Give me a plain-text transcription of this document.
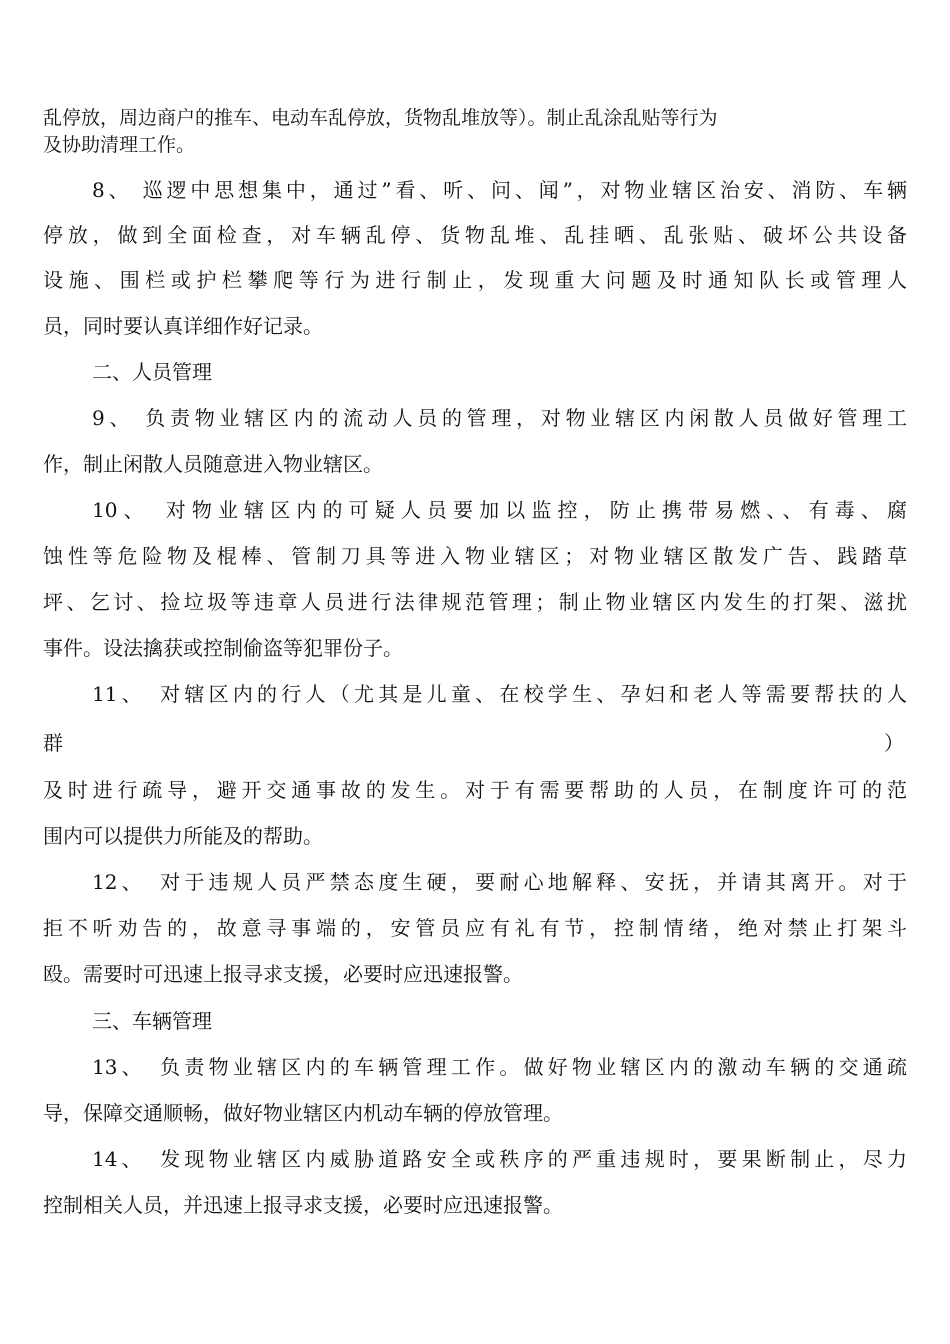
乱停放，周边商户的推车、电动车乱停放，货物乱堆放等）。制止乱涂乱贴等行为
及协助清理工作。
8、 巡逻中思想集中，通过”看、听、问、闻”，对物业辖区治安、消防、车辆
停放，做到全面检查，对车辆乱停、货物乱堆、乱挂晒、乱张贴、破坏公共设备
设施、围栏或护栏攀爬等行为进行制止，发现重大问题及时通知队长或管理人
员，同时要认真详细作好记录。
二、人员管理
9、 负责物业辖区内的流动人员的管理，对物业辖区内闲散人员做好管理工
作，制止闲散人员随意进入物业辖区。
10、　对物业辖区内的可疑人员要加以监控，防止携带易燃、、有毒、腐
蚀性等危险物及棍棒、管制刀具等进入物业辖区；对物业辖区散发广告、践踏草
坪、乞讨、捡垃圾等违章人员进行法律规范管理；制止物业辖区内发生的打架、滋扰
事件。设法擒获或控制偷盗等犯罪份子。
11、　对辖区内的行人（尤其是儿童、在校学生、孕妇和老人等需要帮扶的人
群	）
及时进行疏导，避开交通事故的发生。对于有需要帮助的人员，在制度许可的范
围内可以提供力所能及的帮助。
12、　对于违规人员严禁态度生硬，要耐心地解释、安抚，并请其离开。对于
拒不听劝告的，故意寻事端的，安管员应有礼有节，控制情绪，绝对禁止打架斗
殴。需要时可迅速上报寻求支援，必要时应迅速报警。
三、车辆管理
13、　负责物业辖区内的车辆管理工作。做好物业辖区内的激动车辆的交通疏
导，保障交通顺畅，做好物业辖区内机动车辆的停放管理。
14、　发现物业辖区内威胁道路安全或秩序的严重违规时，要果断制止，尽力
控制相关人员，并迅速上报寻求支援，必要时应迅速报警。
